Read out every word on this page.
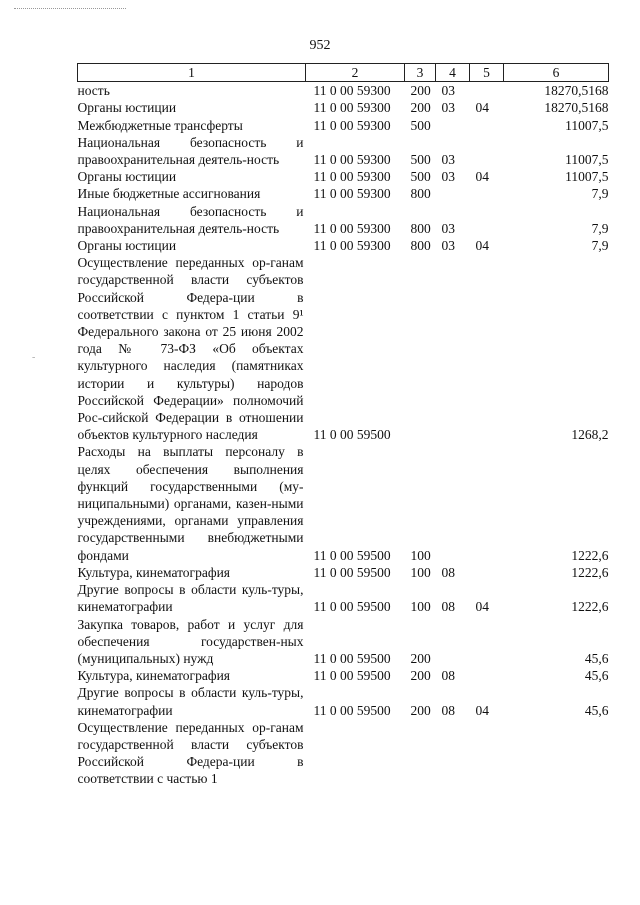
952
1	2	3	4	5	6
ность	11 0 00 59300	200	03		18270,5168
Органы юстиции	11 0 00 59300	200	03	04	18270,5168
Межбюджетные трансферты	11 0 00 59300	500			11007,5
Национальная безопасность и правоохранительная деятель-ность	11 0 00 59300	500	03		11007,5
Органы юстиции	11 0 00 59300	500	03	04	11007,5
Иные бюджетные ассигнования	11 0 00 59300	800			7,9
Национальная безопасность и правоохранительная деятель-ность	11 0 00 59300	800	03		7,9
Органы юстиции	11 0 00 59300	800	03	04	7,9
Осуществление переданных ор-ганам государственной власти субъектов Российской Федера-ции в соответствии с пунктом 1 статьи 9¹ Федерального закона от 25 июня 2002 года № 73-ФЗ «Об объектах культурного наследия (памятниках истории и культуры) народов Российской Федерации» полномочий Рос-сийской Федерации в отношении объектов культурного наследия	11 0 00 59500				1268,2
Расходы на выплаты персоналу в целях обеспечения выполнения функций государственными (му-ниципальными) органами, казен-ными учреждениями, органами управления государственными внебюджетными фондами	11 0 00 59500	100			1222,6
Культура, кинематография	11 0 00 59500	100	08		1222,6
Другие вопросы в области куль-туры, кинематографии	11 0 00 59500	100	08	04	1222,6
Закупка товаров, работ и услуг для обеспечения государствен-ных (муниципальных) нужд	11 0 00 59500	200			45,6
Культура, кинематография	11 0 00 59500	200	08		45,6
Другие вопросы в области куль-туры, кинематографии	11 0 00 59500	200	08	04	45,6
Осуществление переданных ор-ганам государственной власти субъектов Российской Федера-ции в соответствии с частью 1					
-
